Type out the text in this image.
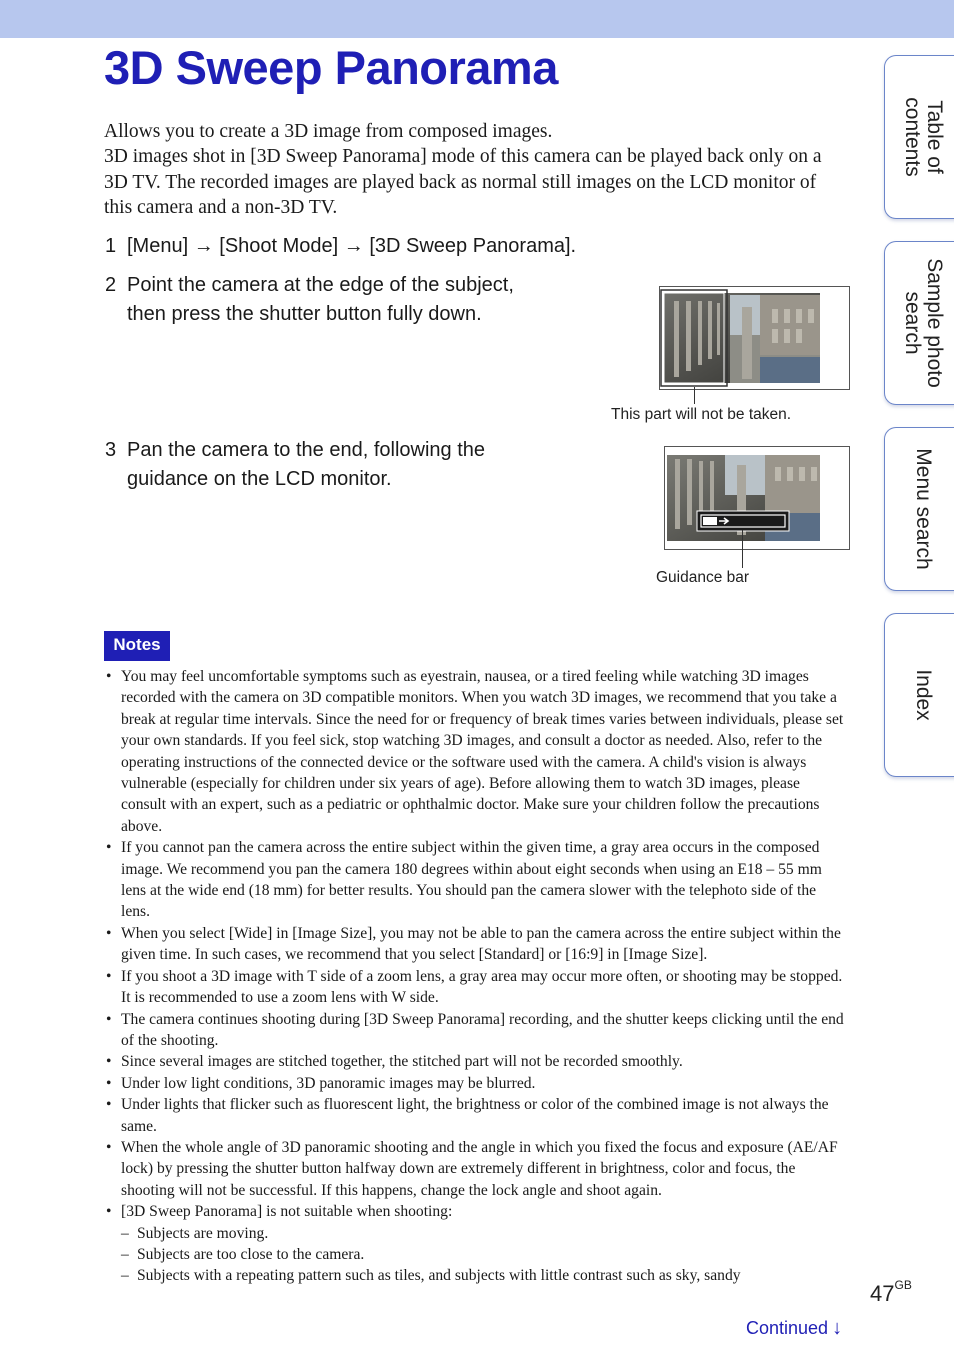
3D Sweep Panorama

Allows you to create a 3D image from composed images.

3D images shot in [3D Sweep Panorama] mode of this camera can be played back only on a 3D TV. The recorded images are played back as normal still images on the LCD monitor of this camera and a non-3D TV.

1 [Menu] → [Shoot Mode] → [3D Sweep Panorama].
2 Point the camera at the edge of the subject,
then press the shutter button fully down.
This part will not be taken.
3 Pan the camera to the end, following the
guidance on the LCD monitor.
Guidance bar
Notes
• You may feel uncomfortable symptoms such as eyestrain, nausea, or a tired feeling while watching 3D images recorded with the camera on 3D compatible monitors. When you watch 3D images, we recommend that you take a break at regular time intervals. Since the need for or frequency of break times varies between individuals, please set your own standards. If you feel sick, stop watching 3D images, and consult a doctor as needed. Also, refer to the operating instructions of the connected device or the software used with the camera. A child's vision is always vulnerable (especially for children under six years of age). Before allowing them to watch 3D images, please consult with an expert, such as a pediatric or ophthalmic doctor. Make sure your children follow the precautions above.
• If you cannot pan the camera across the entire subject within the given time, a gray area occurs in the composed image. We recommend you pan the camera 180 degrees within about eight seconds when using an E18 – 55 mm lens at the wide end (18 mm) for better results. You should pan the camera slower with the telephoto side of the lens.
• When you select [Wide] in [Image Size], you may not be able to pan the camera across the entire subject within the given time. In such cases, we recommend that you select [Standard] or [16:9] in [Image Size].
• If you shoot a 3D image with T side of a zoom lens, a gray area may occur more often, or shooting may be stopped. It is recommended to use a zoom lens with W side.
• The camera continues shooting during [3D Sweep Panorama] recording, and the shutter keeps clicking until the end of the shooting.
• Since several images are stitched together, the stitched part will not be recorded smoothly.
• Under low light conditions, 3D panoramic images may be blurred.
• Under lights that flicker such as fluorescent light, the brightness or color of the combined image is not always the same.
• When the whole angle of 3D panoramic shooting and the angle in which you fixed the focus and exposure (AE/AF lock) by pressing the shutter button halfway down are extremely different in brightness, color and focus, the shooting will not be successful. If this happens, change the lock angle and shoot again.
• [3D Sweep Panorama] is not suitable when shooting:
– Subjects are moving.
– Subjects are too close to the camera.
– Subjects with a repeating pattern such as tiles, and subjects with little contrast such as sky, sandy
Table of
contents
Sample photo
search
Menu search
Index
$47^{GB}$
Continued ↓
